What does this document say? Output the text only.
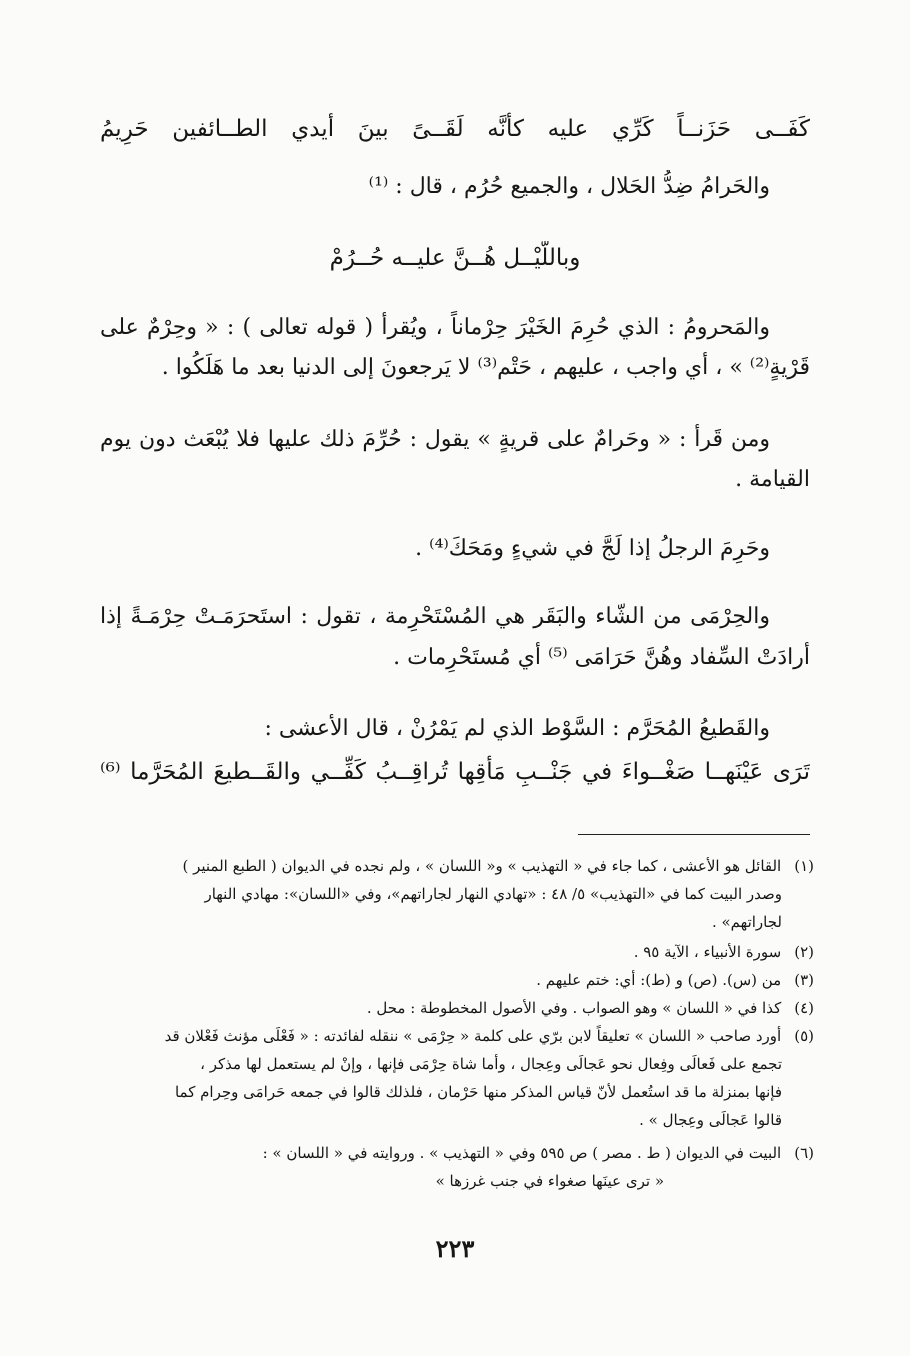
كَفَــى حَزَنــاً كَرِّي عليه كأنَّه لَقَــىً بينَ أيدي الطــائفين حَرِيمُ
والحَرامُ ضِدُّ الحَلال ، والجميع حُرُم ، قال : ⁽¹⁾
وباللّيْــل هُــنَّ عليــه حُــرُمْ
والمَحرومُ : الذي حُرِمَ الخَيْرَ حِرْماناً ، ويُقرأ ( قوله تعالى ) : « وحِرْمٌ على
قَرْيةٍ⁽²⁾ » ، أي واجب ، عليهم ، حَتْم⁽³⁾ لا يَرجعونَ إلى الدنيا بعد ما هَلَكُوا .
ومن قَرأ : « وحَرامٌ على قريةٍ » يقول : حُرِّمَ ذلك عليها فلا يُبْعَث دون يوم
القيامة .
وحَرِمَ الرجلُ إذا لَجَّ في شيءٍ ومَحَكَ⁽⁴⁾ .
والحِرْمَى من الشّاء والبَقَر هي المُسْتَحْرِمة ، تقول : استَحرَمَـتْ حِرْمَـةً إذا
أرادَتْ السِّفاد وهُنَّ حَرَامَى ⁽⁵⁾ أي مُستَحْرِمات .
والقَطيعُ المُحَرَّم : السَّوْط الذي لم يَمْرُنْ ، قال الأعشى :
تَرَى عَيْنَهــا صَغْــواءَ في جَنْــبِ مَأْقِها تُراقِــبُ كَفِّــي والقَــطيعَ المُحَرَّما ⁽⁶⁾
(١) القائل هو الأعشى ، كما جاء في « التهذيب » و« اللسان » ، ولم نجده في الديوان ( الطبع المنير )
وصدر البيت كما في «التهذيب» ٥/ ٤٨ : «تهادي النهار لجاراتهم»، وفي «اللسان»: مهادي النهار
لجاراتهم» .
(٢) سورة الأنبياء ، الآية ٩٥ .
(٣) من (س). (ص) و (ط): أي: ختم عليهم .
(٤) كذا في « اللسان » وهو الصواب . وفي الأصول المخطوطة : محل .
(٥) أورد صاحب « اللسان » تعليقاً لابن برّي على كلمة « حِرْمَى » ننقله لفائدته : « فَعْلَى مؤنث فَعْلان قد
تجمع على فَعالَى وفِعال نحو عَجالَى وعِجال ، وأما شاة حِرْمَى فإنها ، وإنْ لم يستعمل لها مذكر ،
فإنها بمنزلة ما قد استُعمل لأنّ قياس المذكر منها حَرْمان ، فلذلك قالوا في جمعه حَرامَى وحِرام كما
قالوا عَجالَى وعِجال » .
(٦) البيت في الديوان ( ط . مصر ) ص ٥٩٥ وفي « التهذيب » . وروايته في « اللسان » :
« ترى عينَها صغواء في جنب غرزها »
٢٢٣
